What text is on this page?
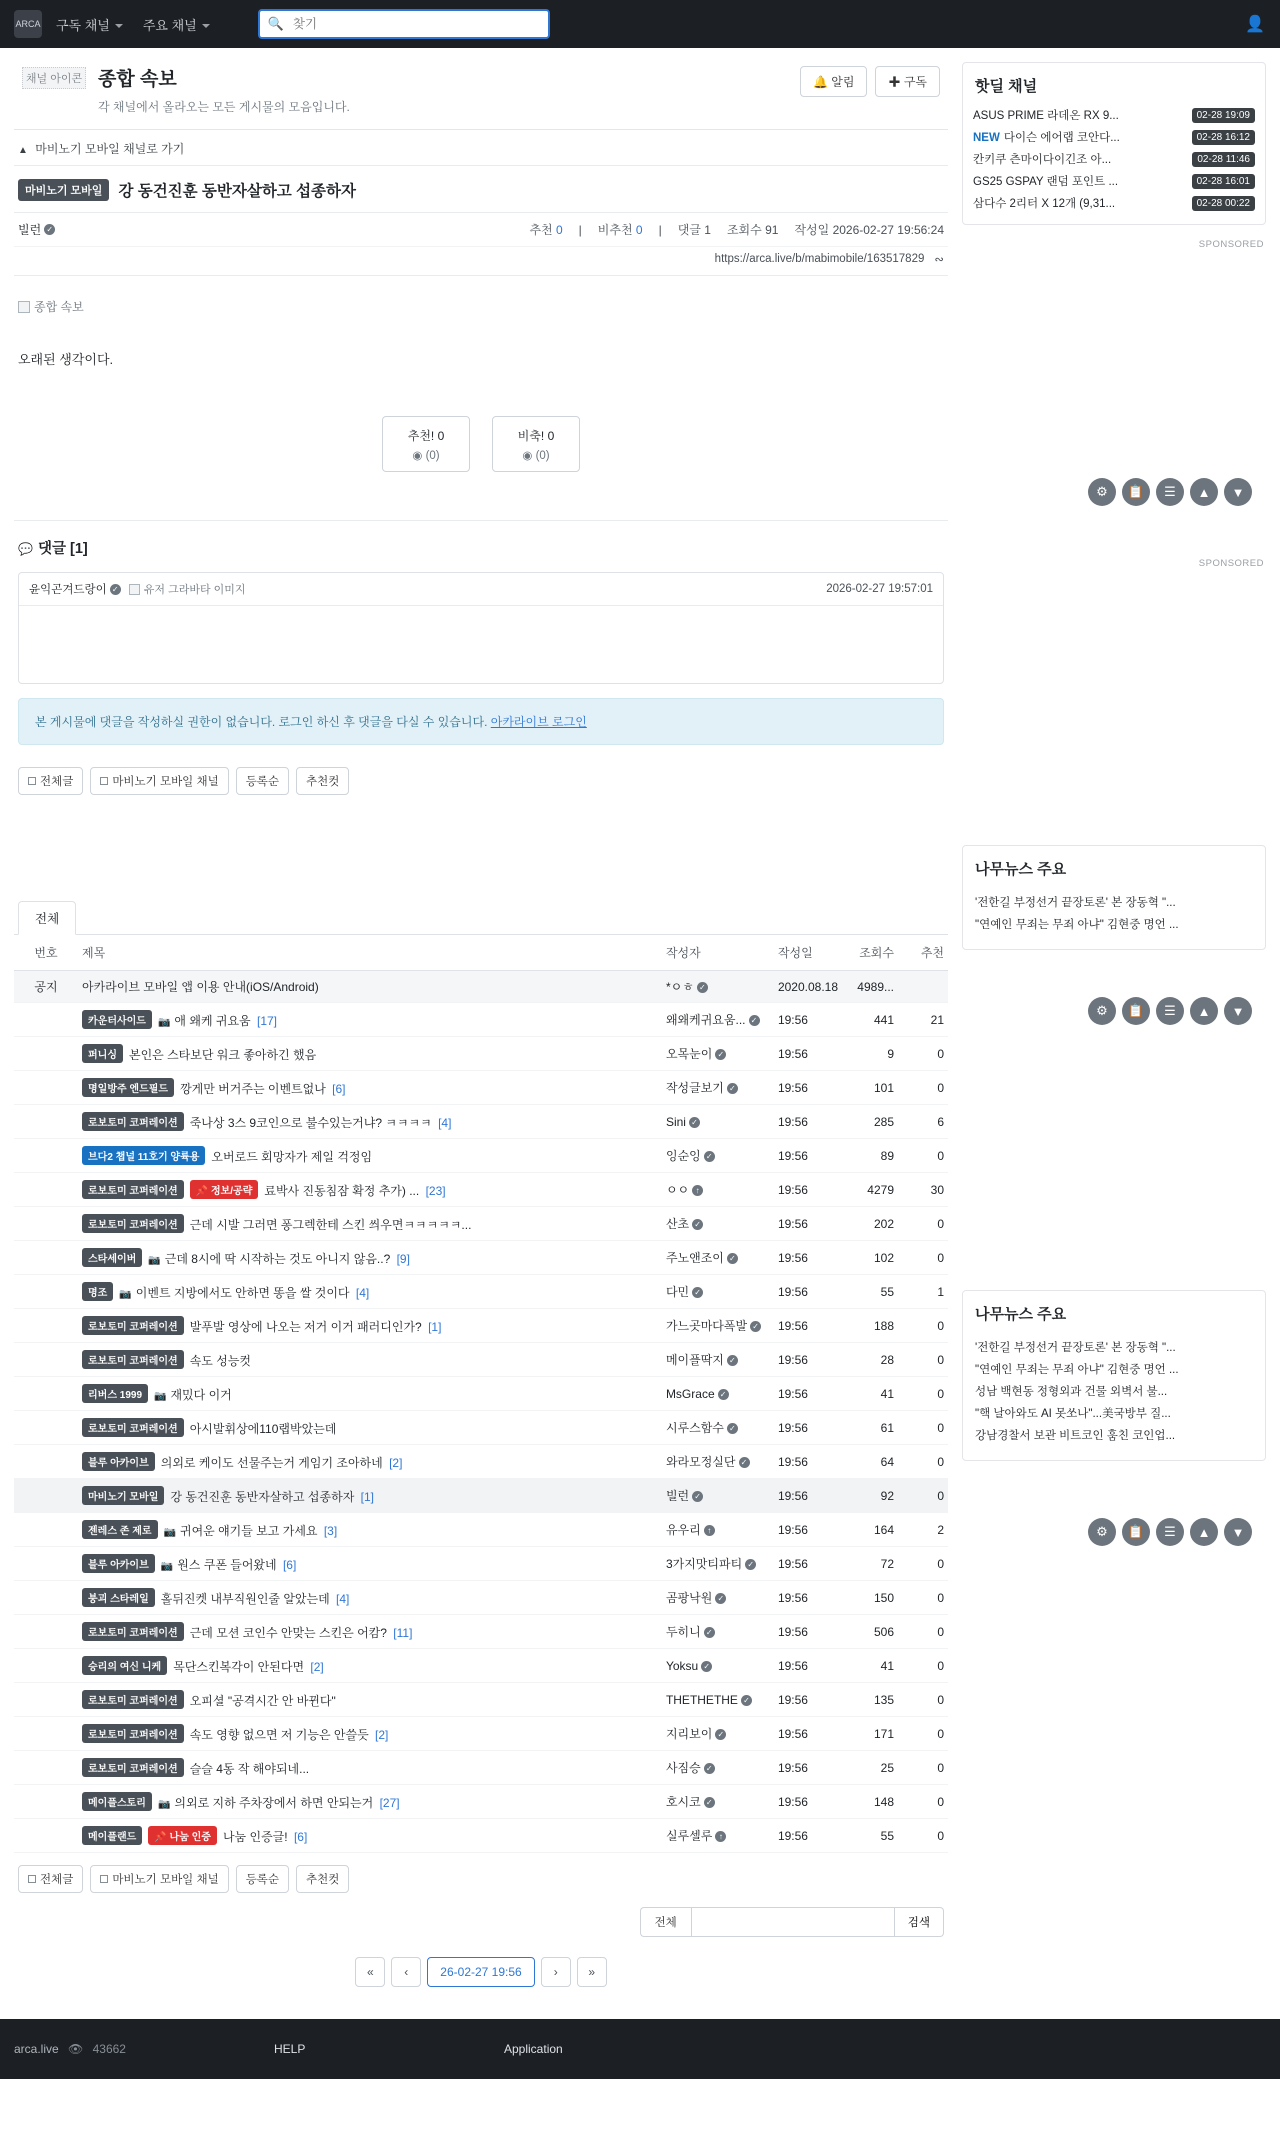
ARCA 구독 채널	주요 채널	🔍
찾기	👤
채널 아이콘 종합 속보
각 채널에서 올라오는 모든 게시물의 모음입니다.
🔔 알림	✚ 구독
▲ 마비노기 모바일 채널로 가기
마비노기 모바일	강 동건진훈 동반자살하고 섭종하자
빌런 ✓	추천 0 | 비추천 0 | 댓글 1 조회수 91 작성일 2026-02-27 19:56:24
https://arca.live/b/mabimobile/163517829 ∾
종합 속보
오래된 생각이다.
추천! 0
◉ (0)
비축! 0
◉ (0)
💬 댓글 [1]
윤익곤겨드랑이 ✓	유저 그라바타 이미지	2026-02-27 19:57:01
본 게시물에 댓글을 작성하실 권한이 없습니다. 로그인 하신 후 댓글을 다실 수 있습니다. 아카라이브 로그인
전체글	마비노기 모바일 채널	등록순	추천컷
전체
번호	제목	작성자	작성일	조회수	추천
공지	아카라이브 모바일 앱 이용 안내(iOS/Android)	*ㅇㅎ ✓	2020.08.18	4989...	
	카운터사이드 📷 애 왜케 귀요움 [17]	왜왜케귀요움... ✓	19:56	441	21
	퍼니싱 본인은 스타보단 워크 좋아하긴 했음	오목눈이 ✓	19:56	9	0
	명일방주 엔드필드 깡게만 버거주는 이벤트없나 [6]	작성글보기 ✓	19:56	101	0
	로보토미 코퍼레이션 죽나상 3스 9코인으로 불수있는거냐? ㅋㅋㅋㅋ [4]	Sini ✓	19:56	285	6
	브다2 챕널 11호기 양륙용 오버로드 회망자가 제일 걱정임	잉순잉 ✓	19:56	89	0
	로보토미 코퍼레이션 📌 정보/공략 료박사 진동침잠 확정 추가) ... [23]	ㅇㅇ ↑	19:56	4279	30
	로보토미 코퍼레이션 근데 시발 그러면 퐁그렉한테 스킨 씌우면ㅋㅋㅋㅋㅋ...	산초 ✓	19:56	202	0
	스타세이버 📷 근데 8시에 딱 시작하는 것도 아니지 않음..? [9]	주노앤조이 ✓	19:56	102	0
	명조 📷 이벤트 지방에서도 안하면 똥을 쌀 것이다 [4]	다민 ✓	19:56	55	1
	로보토미 코퍼레이션 발푸발 영상에 나오는 저거 이거 패러디인가? [1]	가느곳마다폭발 ✓	19:56	188	0
	로보토미 코퍼레이션 속도 성능컷	메이플딱지 ✓	19:56	28	0
	리버스 1999 📷 재밌다 이거	MsGrace ✓	19:56	41	0
	로보토미 코퍼레이션 아시발휘상에110랩박았는데	시루스함수 ✓	19:56	61	0
	블루 아카이브 의외로 케이도 선물주는거 게임기 조아하네 [2]	와라모정실단 ✓	19:56	64	0
	마비노기 모바일 강 동건진훈 동반자살하고 섭종하자 [1]	빌런 ✓	19:56	92	0
	젠레스 존 제로 📷 귀여운 얘기들 보고 가세요 [3]	유우리 ↑	19:56	164	2
	블루 아카이브 📷 원스 쿠폰 들어왔네 [6]	3가지맛티파티 ✓	19:56	72	0
	붕괴 스타레일 홀뒤진켓 내부직원인줄 알았는데 [4]	곰팡낙원 ✓	19:56	150	0
	로보토미 코퍼레이션 근데 모션 코인수 안맞는 스킨은 어캄? [11]	두히니 ✓	19:56	506	0
	승리의 여신 니케 목단스킨복각이 안된다면 [2]	Yoksu ✓	19:56	41	0
	로보토미 코퍼레이션 오피셜 "공격시간 안 바뀐다"	THETHETHE ✓	19:56	135	0
	로보토미 코퍼레이션 속도 영향 없으면 저 기능은 안쓸듯 [2]	지리보이 ✓	19:56	171	0
	로보토미 코퍼레이션 슬슬 4동 작 해야되네...	사짐승 ✓	19:56	25	0
	메이플스토리 📷 의외로 지하 주차장에서 하면 안되는거 [27]	호시코 ✓	19:56	148	0
	메이플랜드 📌 나눔 인증 나눔 인증글! [6]	실루셀루 ↑	19:56	55	0
전체글	마비노기 모바일 채널	등록순	추천컷
전체	검색
«	‹	26-02-27 19:56	›	»
핫딜 채널
ASUS PRIME 라데온 RX 9...	02-28 19:09
NEW 다이슨 에어랩 코안다...	02-28 16:12
칸키쿠 츤마이다이긴조 아...	02-28 11:46
GS25 GSPAY 랜덤 포인트 ...	02-28 16:01
삼다수 2리터 X 12개 (9,31...	02-28 00:22
SPONSORED
SPONSORED
나무뉴스 주요
'전한길 부정선거 끝장토론' 본 장동혁 "...
"연예인 무죄는 무죄 아냐" 김현중 명언 ...
나무뉴스 주요
'전한길 부정선거 끝장토론' 본 장동혁 "...
"연예인 무죄는 무죄 아냐" 김현중 명언 ...
성남 백현동 정형외과 건물 외벽서 불...
"핵 날아와도 AI 못쏘나"...美국방부 질...
강남경찰서 보관 비트코인 훔친 코인업...
⚙	📋	☰	▲	▼
⚙	📋	☰	▲	▼
⚙	📋	☰	▲	▼
arca.live 👁 43662	HELP	Application
